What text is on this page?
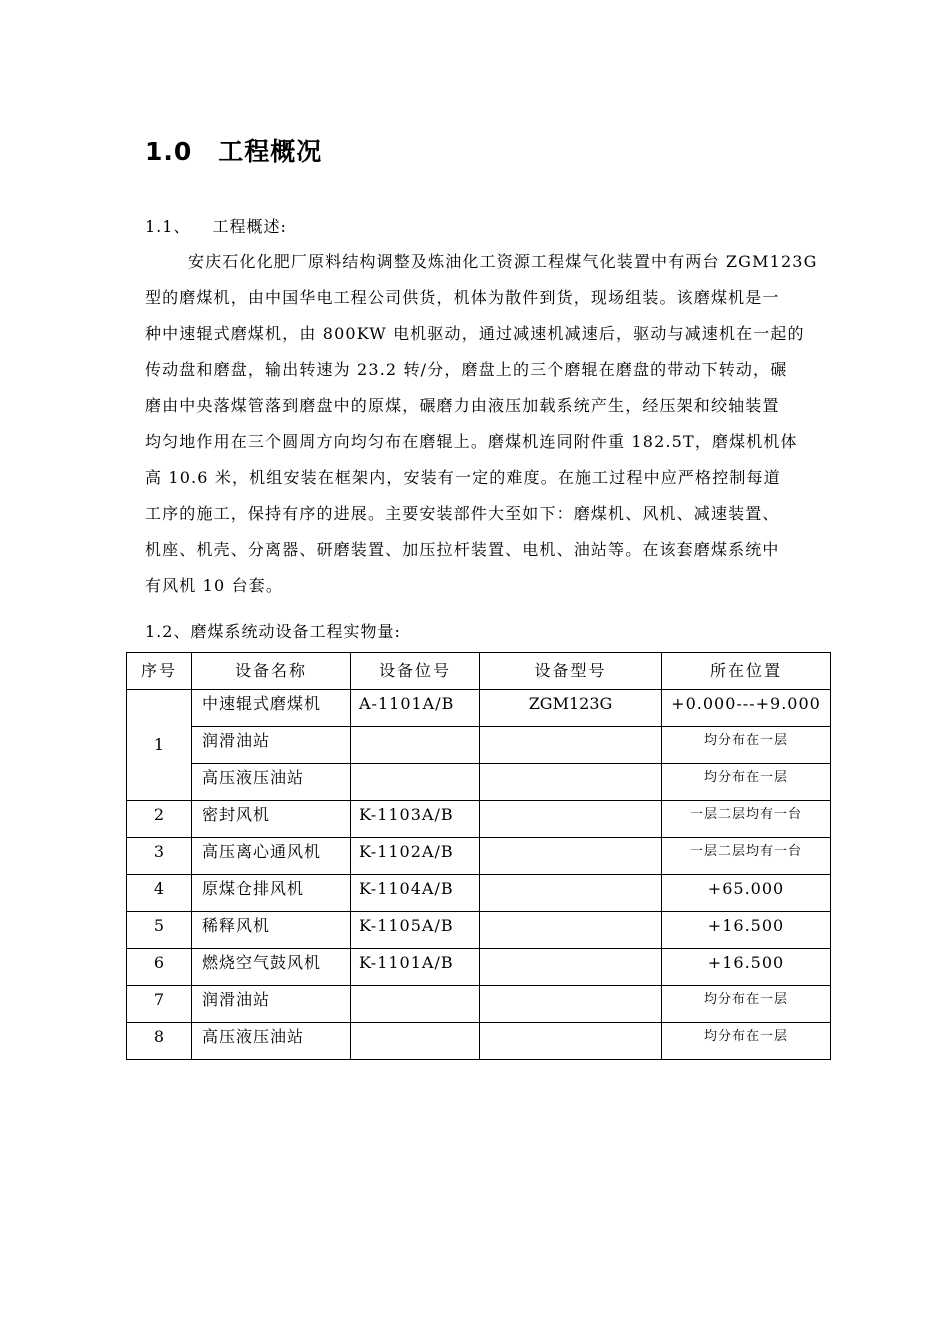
1.0 工程概况
1.1、 工程概述:
安庆石化化肥厂原料结构调整及炼油化工资源工程煤气化装置中有两台 ZGM123G
型的磨煤机，由中国华电工程公司供货，机体为散件到货，现场组装。该磨煤机是一
种中速辊式磨煤机，由 800KW 电机驱动，通过减速机减速后，驱动与减速机在一起的
传动盘和磨盘，输出转速为 23.2 转/分，磨盘上的三个磨辊在磨盘的带动下转动，碾
磨由中央落煤管落到磨盘中的原煤，碾磨力由液压加载系统产生，经压架和绞轴装置
均匀地作用在三个圆周方向均匀布在磨辊上。磨煤机连同附件重 182.5T，磨煤机机体
高 10.6 米，机组安装在框架内，安装有一定的难度。在施工过程中应严格控制每道
工序的施工，保持有序的进展。主要安装部件大至如下：磨煤机、风机、减速装置、
机座、机壳、分离器、研磨装置、加压拉杆装置、电机、油站等。在该套磨煤系统中
有风机 10 台套。
1.2、磨煤系统动设备工程实物量:
序号	设备名称	设备位号	设备型号	所在位置
1	中速辊式磨煤机	A-1101A/B	ZGM123G	+0.000---+9.000
	润滑油站			均分布在一层
	高压液压油站			均分布在一层
2	密封风机	K-1103A/B		一层二层均有一台
3	高压离心通风机	K-1102A/B		一层二层均有一台
4	原煤仓排风机	K-1104A/B		+65.000
5	稀释风机	K-1105A/B		+16.500
6	燃烧空气鼓风机	K-1101A/B		+16.500
7	润滑油站			均分布在一层
8	高压液压油站			均分布在一层
